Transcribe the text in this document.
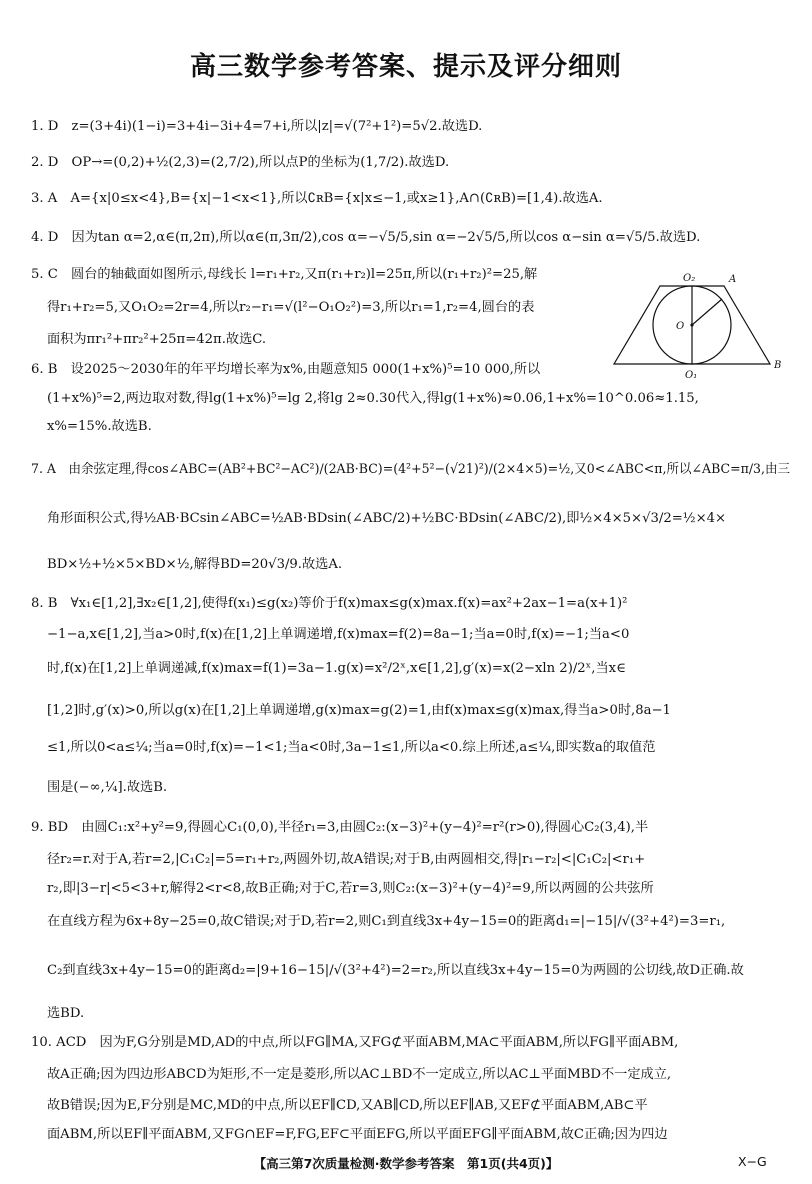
高三数学参考答案、提示及评分细则
1. D　z=(3+4i)(1−i)=3+4i−3i+4=7+i,所以|z|=√(7²+1²)=5√2.故选D.
2. D　OP→=(0,2)+½(2,3)=(2,7/2),所以点P的坐标为(1,7/2).故选D.
3. A　A={x|0≤x<4},B={x|−1<x<1},所以∁ʀB={x|x≤−1,或x≥1},A∩(∁ʀB)=[1,4).故选A.
4. D　因为tan α=2,α∈(π,2π),所以α∈(π,3π/2),cos α=−√5/5,sin α=−2√5/5,所以cos α−sin α=√5/5.故选D.
5. C　圆台的轴截面如图所示,母线长 l=r₁+r₂,又π(r₁+r₂)l=25π,所以(r₁+r₂)²=25,解
得r₁+r₂=5,又O₁O₂=2r=4,所以r₂−r₁=√(l²−O₁O₂²)=3,所以r₁=1,r₂=4,圆台的表
面积为πr₁²+πr₂²+25π=42π.故选C.
6. B　设2025～2030年的年平均增长率为x%,由题意知5 000(1+x%)⁵=10 000,所以
(1+x%)⁵=2,两边取对数,得lg(1+x%)⁵=lg 2,将lg 2≈0.30代入,得lg(1+x%)≈0.06,1+x%=10^0.06≈1.15,
x%=15%.故选B.
7. A　由余弦定理,得cos∠ABC=(AB²+BC²−AC²)/(2AB·BC)=(4²+5²−(√21)²)/(2×4×5)=½,又0<∠ABC<π,所以∠ABC=π/3,由三
角形面积公式,得½AB·BCsin∠ABC=½AB·BDsin(∠ABC/2)+½BC·BDsin(∠ABC/2),即½×4×5×√3/2=½×4×
BD×½+½×5×BD×½,解得BD=20√3/9.故选A.
8. B　∀x₁∈[1,2],∃x₂∈[1,2],使得f(x₁)≤g(x₂)等价于f(x)max≤g(x)max.f(x)=ax²+2ax−1=a(x+1)²
−1−a,x∈[1,2],当a>0时,f(x)在[1,2]上单调递增,f(x)max=f(2)=8a−1;当a=0时,f(x)=−1;当a<0
时,f(x)在[1,2]上单调递减,f(x)max=f(1)=3a−1.g(x)=x²/2ˣ,x∈[1,2],g′(x)=x(2−xln 2)/2ˣ,当x∈
[1,2]时,g′(x)>0,所以g(x)在[1,2]上单调递增,g(x)max=g(2)=1,由f(x)max≤g(x)max,得当a>0时,8a−1
≤1,所以0<a≤¼;当a=0时,f(x)=−1<1;当a<0时,3a−1≤1,所以a<0.综上所述,a≤¼,即实数a的取值范
围是(−∞,¼].故选B.
9. BD　由圆C₁:x²+y²=9,得圆心C₁(0,0),半径r₁=3,由圆C₂:(x−3)²+(y−4)²=r²(r>0),得圆心C₂(3,4),半
径r₂=r.对于A,若r=2,|C₁C₂|=5=r₁+r₂,两圆外切,故A错误;对于B,由两圆相交,得|r₁−r₂|<|C₁C₂|<r₁+
r₂,即|3−r|<5<3+r,解得2<r<8,故B正确;对于C,若r=3,则C₂:(x−3)²+(y−4)²=9,所以两圆的公共弦所
在直线方程为6x+8y−25=0,故C错误;对于D,若r=2,则C₁到直线3x+4y−15=0的距离d₁=|−15|/√(3²+4²)=3=r₁,
C₂到直线3x+4y−15=0的距离d₂=|9+16−15|/√(3²+4²)=2=r₂,所以直线3x+4y−15=0为两圆的公切线,故D正确.故
选BD.
10. ACD　因为F,G分别是MD,AD的中点,所以FG∥MA,又FG⊄平面ABM,MA⊂平面ABM,所以FG∥平面ABM,
故A正确;因为四边形ABCD为矩形,不一定是菱形,所以AC⊥BD不一定成立,所以AC⊥平面MBD不一定成立,
故B错误;因为E,F分别是MC,MD的中点,所以EF∥CD,又AB∥CD,所以EF∥AB,又EF⊄平面ABM,AB⊂平
面ABM,所以EF∥平面ABM,又FG∩EF=F,FG,EF⊂平面EFG,所以平面EFG∥平面ABM,故C正确;因为四边
O₂	A
O
B
O₁
【高三第7次质量检测·数学参考答案　第1页(共4页)】	X−G
